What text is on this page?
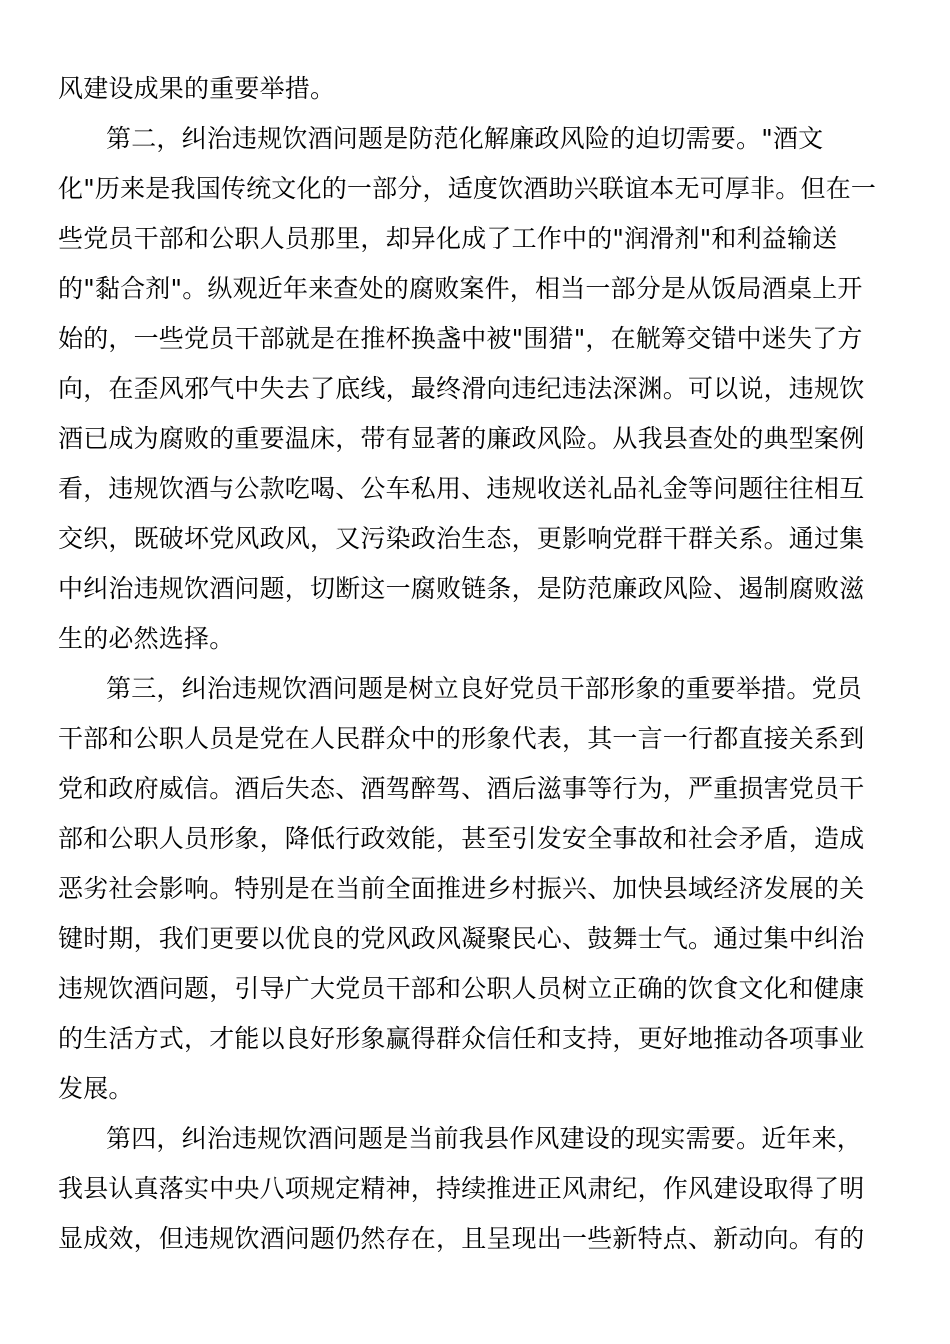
风建设成果的重要举措。
第二，纠治违规饮酒问题是防范化解廉政风险的迫切需要。"酒文
化"历来是我国传统文化的一部分，适度饮酒助兴联谊本无可厚非。但在一
些党员干部和公职人员那里，却异化成了工作中的"润滑剂"和利益输送
的"黏合剂"。纵观近年来查处的腐败案件，相当一部分是从饭局酒桌上开
始的，一些党员干部就是在推杯换盏中被"围猎"，在觥筹交错中迷失了方
向，在歪风邪气中失去了底线，最终滑向违纪违法深渊。可以说，违规饮
酒已成为腐败的重要温床，带有显著的廉政风险。从我县查处的典型案例
看，违规饮酒与公款吃喝、公车私用、违规收送礼品礼金等问题往往相互
交织，既破坏党风政风，又污染政治生态，更影响党群干群关系。通过集
中纠治违规饮酒问题，切断这一腐败链条，是防范廉政风险、遏制腐败滋
生的必然选择。
第三，纠治违规饮酒问题是树立良好党员干部形象的重要举措。党员
干部和公职人员是党在人民群众中的形象代表，其一言一行都直接关系到
党和政府威信。酒后失态、酒驾醉驾、酒后滋事等行为，严重损害党员干
部和公职人员形象，降低行政效能，甚至引发安全事故和社会矛盾，造成
恶劣社会影响。特别是在当前全面推进乡村振兴、加快县域经济发展的关
键时期，我们更要以优良的党风政风凝聚民心、鼓舞士气。通过集中纠治
违规饮酒问题，引导广大党员干部和公职人员树立正确的饮食文化和健康
的生活方式，才能以良好形象赢得群众信任和支持，更好地推动各项事业
发展。
第四，纠治违规饮酒问题是当前我县作风建设的现实需要。近年来，
我县认真落实中央八项规定精神，持续推进正风肃纪，作风建设取得了明
显成效，但违规饮酒问题仍然存在，且呈现出一些新特点、新动向。有的
